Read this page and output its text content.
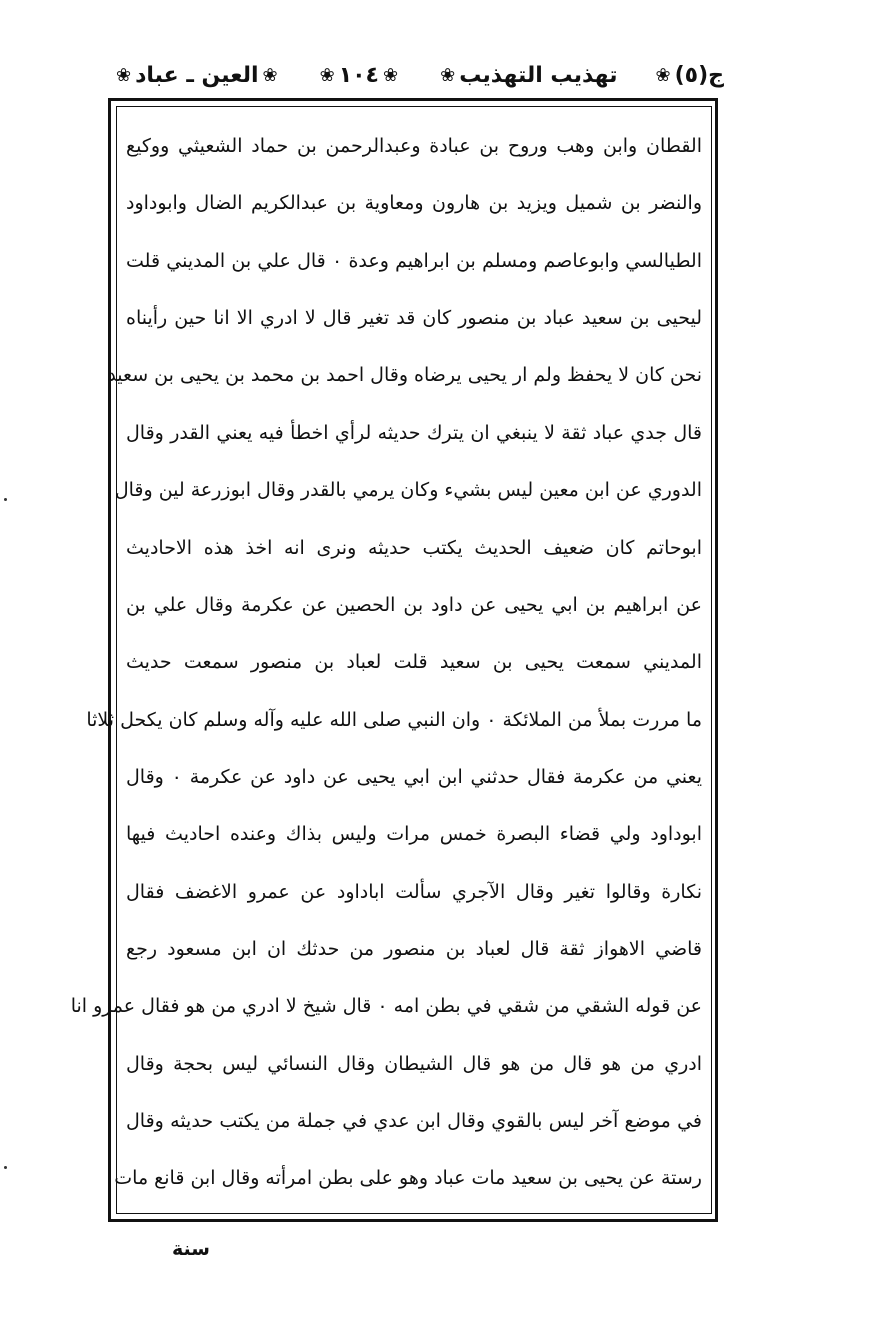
ج(٥)
❀
تهذيب التهذيب
❀
❀
١٠٤
❀
❀
العين ـ عباد
❀
القطان وابن وهب وروح بن عبادة وعبدالرحمن بن حماد الشعيثي ووكيع
والنضر بن شميل ويزيد بن هارون ومعاوية بن عبدالكريم الضال وابوداود
الطيالسي وابوعاصم ومسلم بن ابراهيم وعدة ٠ قال علي بن المديني قلت
ليحيى بن سعيد عباد بن منصور كان قد تغير قال لا ادري الا انا حين رأيناه
نحن كان لا يحفظ ولم ار يحيى يرضاه وقال احمد بن محمد بن يحيى بن سعيد
قال جدي عباد ثقة لا ينبغي ان يترك حديثه لرأي اخطأ فيه يعني القدر وقال
الدوري عن ابن معين ليس بشيء وكان يرمي بالقدر وقال ابوزرعة لين وقال
ابوحاتم كان ضعيف الحديث يكتب حديثه ونرى انه اخذ هذه الاحاديث
عن ابراهيم بن ابي يحيى عن داود بن الحصين عن عكرمة وقال علي بن
المديني سمعت يحيى بن سعيد قلت لعباد بن منصور سمعت حديث
ما مررت بملأ من الملائكة ٠ وان النبي صلى الله عليه وآله وسلم كان يكحل ثلاثا
يعني من عكرمة فقال حدثني ابن ابي يحيى عن داود عن عكرمة ٠ وقال
ابوداود ولي قضاء البصرة خمس مرات وليس بذاك وعنده احاديث فيها
نكارة وقالوا تغير وقال الآجري سألت اباداود عن عمرو الاغضف فقال
قاضي الاهواز ثقة قال لعباد بن منصور من حدثك ان ابن مسعود رجع
عن قوله الشقي من شقي في بطن امه ٠ قال شيخ لا ادري من هو فقال عمرو انا
ادري من هو قال من هو قال الشيطان وقال النسائي ليس بحجة وقال
في موضع آخر ليس بالقوي وقال ابن عدي في جملة من يكتب حديثه وقال
رستة عن يحيى بن سعيد مات عباد وهو على بطن امرأته وقال ابن قانع مات
سنة
